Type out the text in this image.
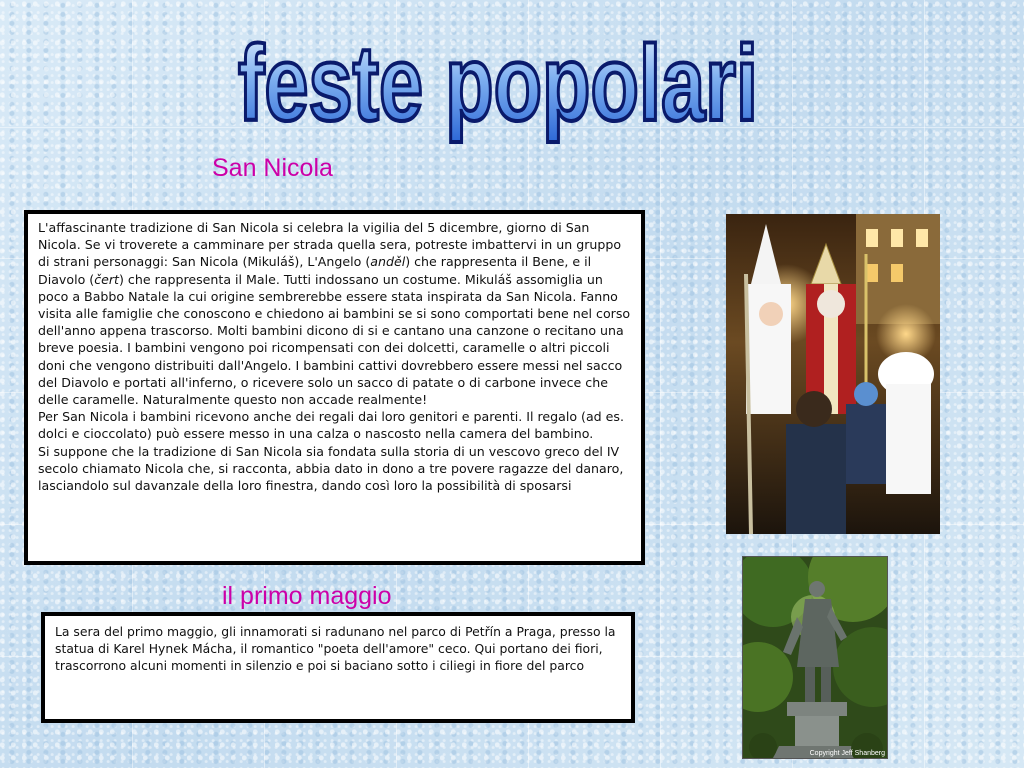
feste popolari
San Nicola

L'affascinante tradizione di San Nicola si celebra la vigilia del 5 dicembre, giorno di San Nicola. Se vi troverete a camminare per strada quella sera, potreste imbattervi in un gruppo di strani personaggi: San Nicola (Mikuláš), L'Angelo (anděl) che rappresenta il Bene, e il Diavolo (čert) che rappresenta il Male. Tutti indossano un costume. Mikuláš assomiglia un poco a Babbo Natale la cui origine sembrerebbe essere stata inspirata da San Nicola. Fanno visita alle famiglie che conoscono e chiedono ai bambini se si sono comportati bene nel corso dell'anno appena trascorso. Molti bambini dicono di si e cantano una canzone o recitano una breve poesia. I bambini vengono poi ricompensati con dei dolcetti, caramelle o altri piccoli doni che vengono distribuiti dall'Angelo. I bambini cattivi dovrebbero essere messi nel sacco del Diavolo e portati all'inferno, o ricevere solo un sacco di patate o di carbone invece che delle caramelle. Naturalmente questo non accade realmente!

Per San Nicola i bambini ricevono anche dei regali dai loro genitori e parenti. Il regalo (ad es. dolci e cioccolato) può essere messo in una calza o nascosto nella camera del bambino.

Si suppone che la tradizione di San Nicola sia fondata sulla storia di un vescovo greco del IV secolo chiamato Nicola che, si racconta, abbia dato in dono a tre povere ragazze del danaro, lasciandolo sul davanzale della loro finestra, dando così loro la possibilità di sposarsi

il primo maggio

La sera del primo maggio, gli innamorati si radunano nel parco di Petřín a Praga, presso la statua di Karel Hynek Mácha, il romantico "poeta dell'amore" ceco. Qui portano dei fiori, trascorrono alcuni momenti in silenzio e poi si baciano sotto i ciliegi in fiore del parco

Copyright Jeff Shanberg
